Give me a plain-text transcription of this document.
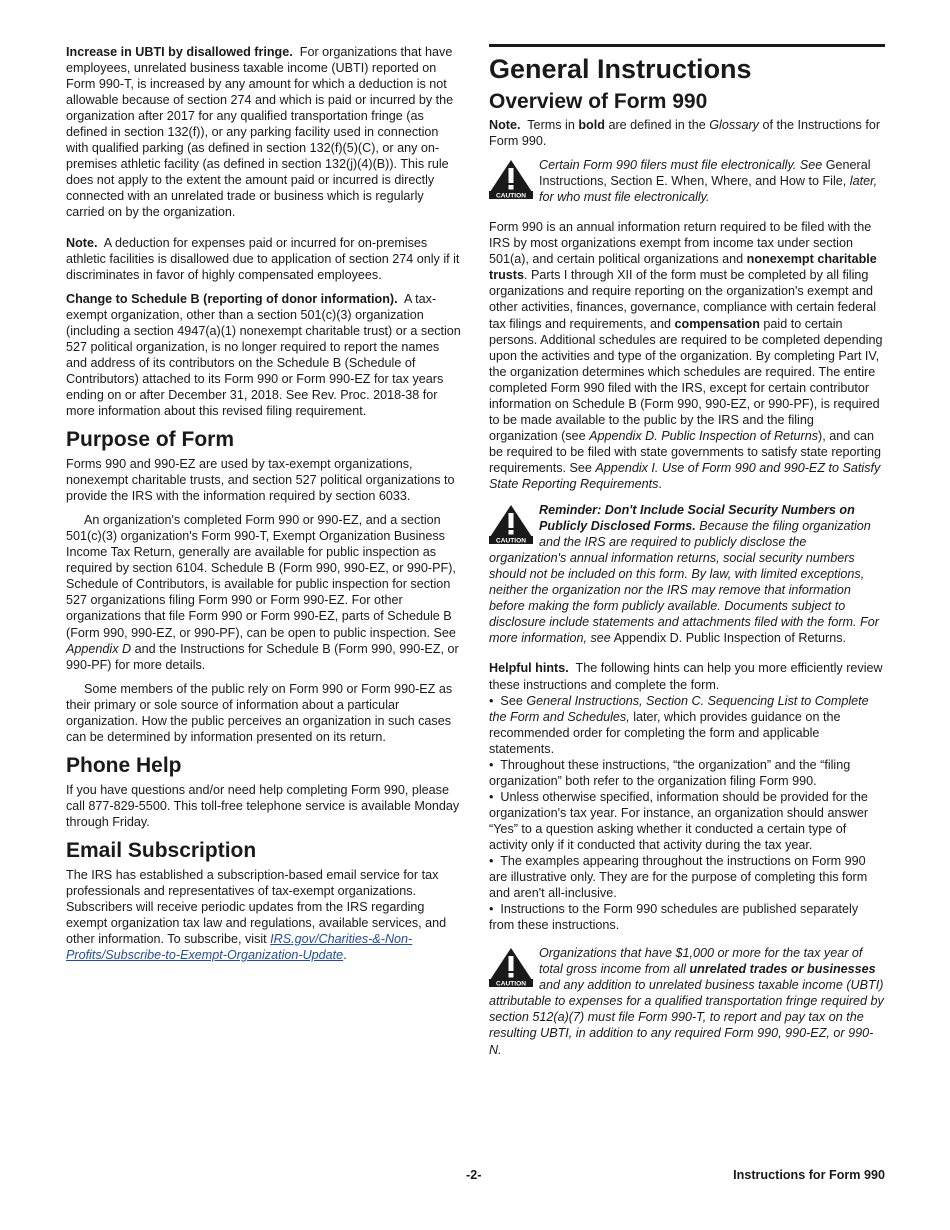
Increase in UBTI by disallowed fringe. For organizations that have employees, unrelated business taxable income (UBTI) reported on Form 990-T, is increased by any amount for which a deduction is not allowable because of section 274 and which is paid or incurred by the organization after 2017 for any qualified transportation fringe (as defined in section 132(f)), or any parking facility used in connection with qualified parking (as defined in section 132(f)(5)(C), or any on-premises athletic facility (as defined in section 132(j)(4)(B)). This rule does not apply to the extent the amount paid or incurred is directly connected with an unrelated trade or business which is regularly carried on by the organization.

Note. A deduction for expenses paid or incurred for on-premises athletic facilities is disallowed due to application of section 274 only if it discriminates in favor of highly compensated employees.

Change to Schedule B (reporting of donor information). A tax-exempt organization, other than a section 501(c)(3) organization (including a section 4947(a)(1) nonexempt charitable trust) or a section 527 political organization, is no longer required to report the names and address of its contributors on the Schedule B (Schedule of Contributors) attached to its Form 990 or Form 990-EZ for tax years ending on or after December 31, 2018. See Rev. Proc. 2018-38 for more information about this revised filing requirement.

Purpose of Form

Forms 990 and 990-EZ are used by tax-exempt organizations, nonexempt charitable trusts, and section 527 political organizations to provide the IRS with the information required by section 6033.

An organization's completed Form 990 or 990-EZ, and a section 501(c)(3) organization's Form 990-T, Exempt Organization Business Income Tax Return, generally are available for public inspection as required by section 6104. Schedule B (Form 990, 990-EZ, or 990-PF), Schedule of Contributors, is available for public inspection for section 527 organizations filing Form 990 or Form 990-EZ. For other organizations that file Form 990 or Form 990-EZ, parts of Schedule B (Form 990, 990-EZ, or 990-PF), can be open to public inspection. See Appendix D and the Instructions for Schedule B (Form 990, 990-EZ, or 990-PF) for more details.

Some members of the public rely on Form 990 or Form 990-EZ as their primary or sole source of information about a particular organization. How the public perceives an organization in such cases can be determined by information presented on its return.

Phone Help

If you have questions and/or need help completing Form 990, please call 877-829-5500. This toll-free telephone service is available Monday through Friday.

Email Subscription

The IRS has established a subscription-based email service for tax professionals and representatives of tax-exempt organizations. Subscribers will receive periodic updates from the IRS regarding exempt organization tax law and regulations, available services, and other information. To subscribe, visit IRS.gov/Charities-&-Non-Profits/Subscribe-to-Exempt-Organization-Update.

General Instructions
Overview of Form 990

Note. Terms in bold are defined in the Glossary of the Instructions for Form 990.

CAUTION
Certain Form 990 filers must file electronically. See General Instructions, Section E. When, Where, and How to File, later, for who must file electronically.

Form 990 is an annual information return required to be filed with the IRS by most organizations exempt from income tax under section 501(a), and certain political organizations and nonexempt charitable trusts. Parts I through XII of the form must be completed by all filing organizations and require reporting on the organization's exempt and other activities, finances, governance, compliance with certain federal tax filings and requirements, and compensation paid to certain persons. Additional schedules are required to be completed depending upon the activities and type of the organization. By completing Part IV, the organization determines which schedules are required. The entire completed Form 990 filed with the IRS, except for certain contributor information on Schedule B (Form 990, 990-EZ, or 990-PF), is required to be made available to the public by the IRS and the filing organization (see Appendix D. Public Inspection of Returns), and can be required to be filed with state governments to satisfy state reporting requirements. See Appendix I. Use of Form 990 and 990-EZ to Satisfy State Reporting Requirements.

CAUTION
Reminder: Don't Include Social Security Numbers on Publicly Disclosed Forms. Because the filing organization and the IRS are required to publicly disclose the organization's annual information returns, social security numbers should not be included on this form. By law, with limited exceptions, neither the organization nor the IRS may remove that information before making the form publicly available. Documents subject to disclosure include statements and attachments filed with the form. For more information, see Appendix D. Public Inspection of Returns.

Helpful hints. The following hints can help you more efficiently review these instructions and complete the form.

• See General Instructions, Section C. Sequencing List to Complete the Form and Schedules, later, which provides guidance on the recommended order for completing the form and applicable statements.

• Throughout these instructions, “the organization” and the “filing organization” both refer to the organization filing Form 990.

• Unless otherwise specified, information should be provided for the organization's tax year. For instance, an organization should answer “Yes” to a question asking whether it conducted a certain type of activity only if it conducted that activity during the tax year.

• The examples appearing throughout the instructions on Form 990 are illustrative only. They are for the purpose of completing this form and aren't all-inclusive.

• Instructions to the Form 990 schedules are published separately from these instructions.

CAUTION
Organizations that have $1,000 or more for the tax year of total gross income from all unrelated trades or businesses and any addition to unrelated business taxable income (UBTI) attributable to expenses for a qualified transportation fringe required by section 512(a)(7) must file Form 990-T, to report and pay tax on the resulting UBTI, in addition to any required Form 990, 990-EZ, or 990-N.
-2-	Instructions for Form 990
